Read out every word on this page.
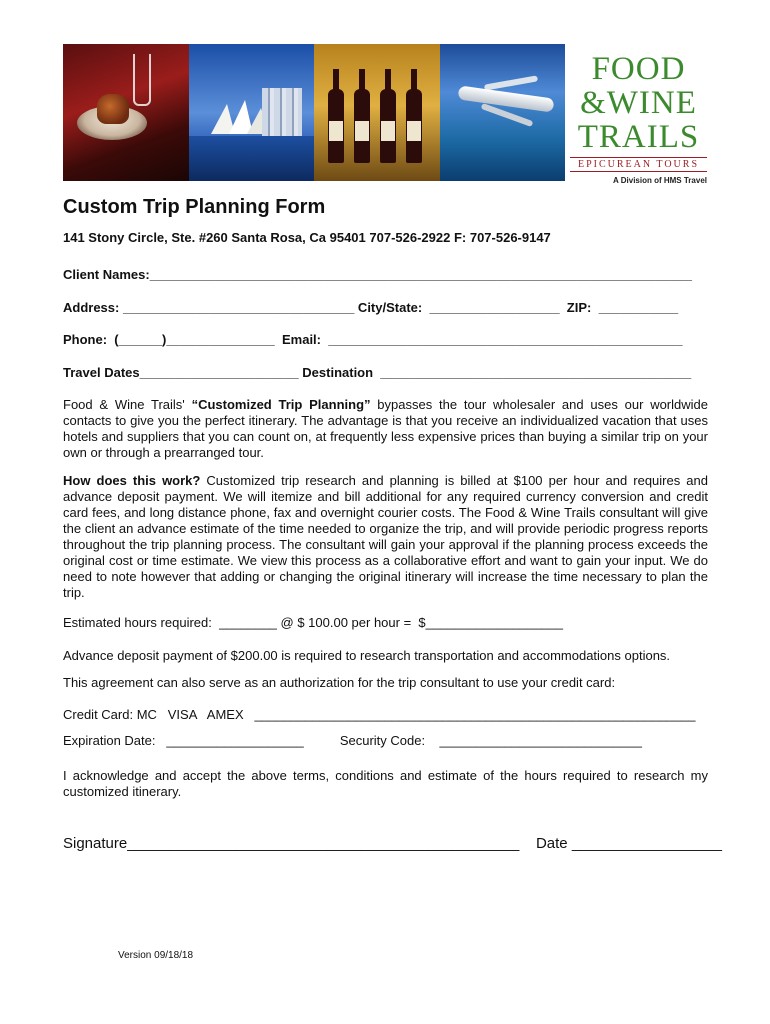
FOOD
&WINE
TRAILS
EPICUREAN TOURS
A Division of HMS Travel
Custom Trip Planning Form
141 Stony Circle, Ste. #260 Santa Rosa, Ca 95401 707-526-2922 F: 707-526-9147
Client Names:___________________________________________________________________________
Address: ________________________________ City/State:  __________________  ZIP:  ___________
Phone:  (______)_______________  Email:  _________________________________________________
Travel Dates______________________ Destination  ___________________________________________
Food & Wine Trails' “Customized Trip Planning” bypasses the tour wholesaler and uses our worldwide contacts to give you the perfect itinerary. The advantage is that you receive an individualized vacation that uses hotels and suppliers that you can count on, at frequently less expensive prices than buying a similar trip on your own or through a prearranged tour.
How does this work? Customized trip research and planning is billed at $100 per hour and requires and advance deposit payment. We will itemize and bill additional for any required currency conversion and credit card fees, and long distance phone, fax and overnight courier costs. The Food & Wine Trails consultant will give the client an advance estimate of the time needed to organize the trip, and will provide periodic progress reports throughout the trip planning process. The consultant will gain your approval if the planning process exceeds the original cost or time estimate. We view this process as a collaborative effort and want to gain your input. We do need to note however that adding or changing the original itinerary will increase the time necessary to plan the trip.
Estimated hours required:  ________ @ $ 100.00 per hour =  $___________________
Advance deposit payment of $200.00 is required to research transportation and accommodations options.
This agreement can also serve as an authorization for the trip consultant to use your credit card:
Credit Card: MC   VISA   AMEX   _____________________________________________________________
Expiration Date:   ___________________          Security Code:    ____________________________
I acknowledge and accept the above terms, conditions and estimate of the hours required to research my customized itinerary.
Signature_______________________________________________    Date __________________
Version 09/18/18
